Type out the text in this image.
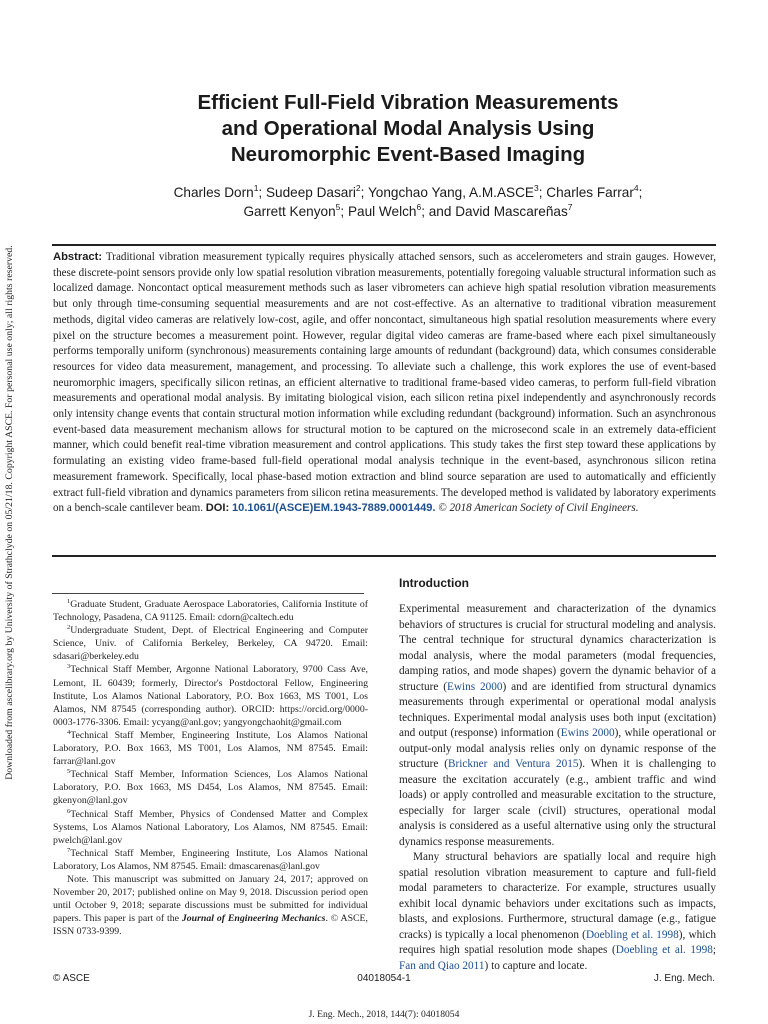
Downloaded from ascelibrary.org by University of Strathclyde on 05/21/18. Copyright ASCE. For personal use only; all rights reserved.
Efficient Full-Field Vibration Measurements
and Operational Modal Analysis Using
Neuromorphic Event-Based Imaging
Charles Dorn$^1$; Sudeep Dasari$^2$; Yongchao Yang, A.M.ASCE$^3$; Charles Farrar$^4$;
Garrett Kenyon$^5$; Paul Welch$^6$; and David Mascareñas$^7$
Abstract: Traditional vibration measurement typically requires physically attached sensors, such as accelerometers and strain gauges. However, these discrete-point sensors provide only low spatial resolution vibration measurements, potentially foregoing valuable structural information such as localized damage. Noncontact optical measurement methods such as laser vibrometers can achieve high spatial resolution vibration measurements but only through time-consuming sequential measurements and are not cost-effective. As an alternative to traditional vibration measurement methods, digital video cameras are relatively low-cost, agile, and offer noncontact, simultaneous high spatial resolution measurements where every pixel on the structure becomes a measurement point. However, regular digital video cameras are frame-based where each pixel simultaneously performs temporally uniform (synchronous) measurements containing large amounts of redundant (background) data, which consumes considerable resources for video data measurement, management, and processing. To alleviate such a challenge, this work explores the use of event-based neuromorphic imagers, specifically silicon retinas, an efficient alternative to traditional frame-based video cameras, to perform full-field vibration measurements and operational modal analysis. By imitating biological vision, each silicon retina pixel independently and asynchronously records only intensity change events that contain structural motion information while excluding redundant (background) information. Such an asynchronous event-based data measurement mechanism allows for structural motion to be captured on the microsecond scale in an extremely data-efficient manner, which could benefit real-time vibration measurement and control applications. This study takes the first step toward these applications by formulating an existing video frame-based full-field operational modal analysis technique in the event-based, asynchronous silicon retina measurement framework. Specifically, local phase-based motion extraction and blind source separation are used to automatically and efficiently extract full-field vibration and dynamics parameters from silicon retina measurements. The developed method is validated by laboratory experiments on a bench-scale cantilever beam. DOI: 10.1061/(ASCE)EM.1943-7889.0001449. © 2018 American Society of Civil Engineers.
Introduction

Experimental measurement and characterization of the dynamics behaviors of structures is crucial for structural modeling and analysis. The central technique for structural dynamics characterization is modal analysis, where the modal parameters (modal frequencies, damping ratios, and mode shapes) govern the dynamic behavior of a structure (Ewins 2000) and are identified from structural dynamics measurements through experimental or operational modal analysis techniques. Experimental modal analysis uses both input (excitation) and output (response) information (Ewins 2000), while operational or output-only modal analysis relies only on dynamic response of the structure (Brickner and Ventura 2015). When it is challenging to measure the excitation accurately (e.g., ambient traffic and wind loads) or apply controlled and measurable excitation to the structure, especially for larger scale (civil) structures, operational modal analysis is considered as a useful alternative using only the structural dynamics response measurements.

Many structural behaviors are spatially local and require high spatial resolution vibration measurement to capture and full-field modal parameters to characterize. For example, structures usually exhibit local dynamic behaviors under excitations such as impacts, blasts, and explosions. Furthermore, structural damage (e.g., fatigue cracks) is typically a local phenomenon (Doebling et al. 1998), which requires high spatial resolution mode shapes (Doebling et al. 1998; Fan and Qiao 2011) to capture and locate.

$^1$Graduate Student, Graduate Aerospace Laboratories, California Institute of Technology, Pasadena, CA 91125. Email: cdorn@caltech.edu

$^2$Undergraduate Student, Dept. of Electrical Engineering and Computer Science, Univ. of California Berkeley, Berkeley, CA 94720. Email: sdasari@berkeley.edu

$^3$Technical Staff Member, Argonne National Laboratory, 9700 Cass Ave, Lemont, IL 60439; formerly, Director's Postdoctoral Fellow, Engineering Institute, Los Alamos National Laboratory, P.O. Box 1663, MS T001, Los Alamos, NM 87545 (corresponding author). ORCID: https://orcid.org/0000-0003-1776-3306. Email: ycyang@anl.gov; yangyongchaohit@gmail.com

$^4$Technical Staff Member, Engineering Institute, Los Alamos National Laboratory, P.O. Box 1663, MS T001, Los Alamos, NM 87545. Email: farrar@lanl.gov

$^5$Technical Staff Member, Information Sciences, Los Alamos National Laboratory, P.O. Box 1663, MS D454, Los Alamos, NM 87545. Email: gkenyon@lanl.gov

$^6$Technical Staff Member, Physics of Condensed Matter and Complex Systems, Los Alamos National Laboratory, Los Alamos, NM 87545. Email: pwelch@lanl.gov

$^7$Technical Staff Member, Engineering Institute, Los Alamos National Laboratory, Los Alamos, NM 87545. Email: dmascarenas@lanl.gov

Note. This manuscript was submitted on January 24, 2017; approved on November 20, 2017; published online on May 9, 2018. Discussion period open until October 9, 2018; separate discussions must be submitted for individual papers. This paper is part of the Journal of Engineering Mechanics. © ASCE, ISSN 0733-9399.

© ASCE	04018054-1	J. Eng. Mech.
J. Eng. Mech., 2018, 144(7): 04018054
